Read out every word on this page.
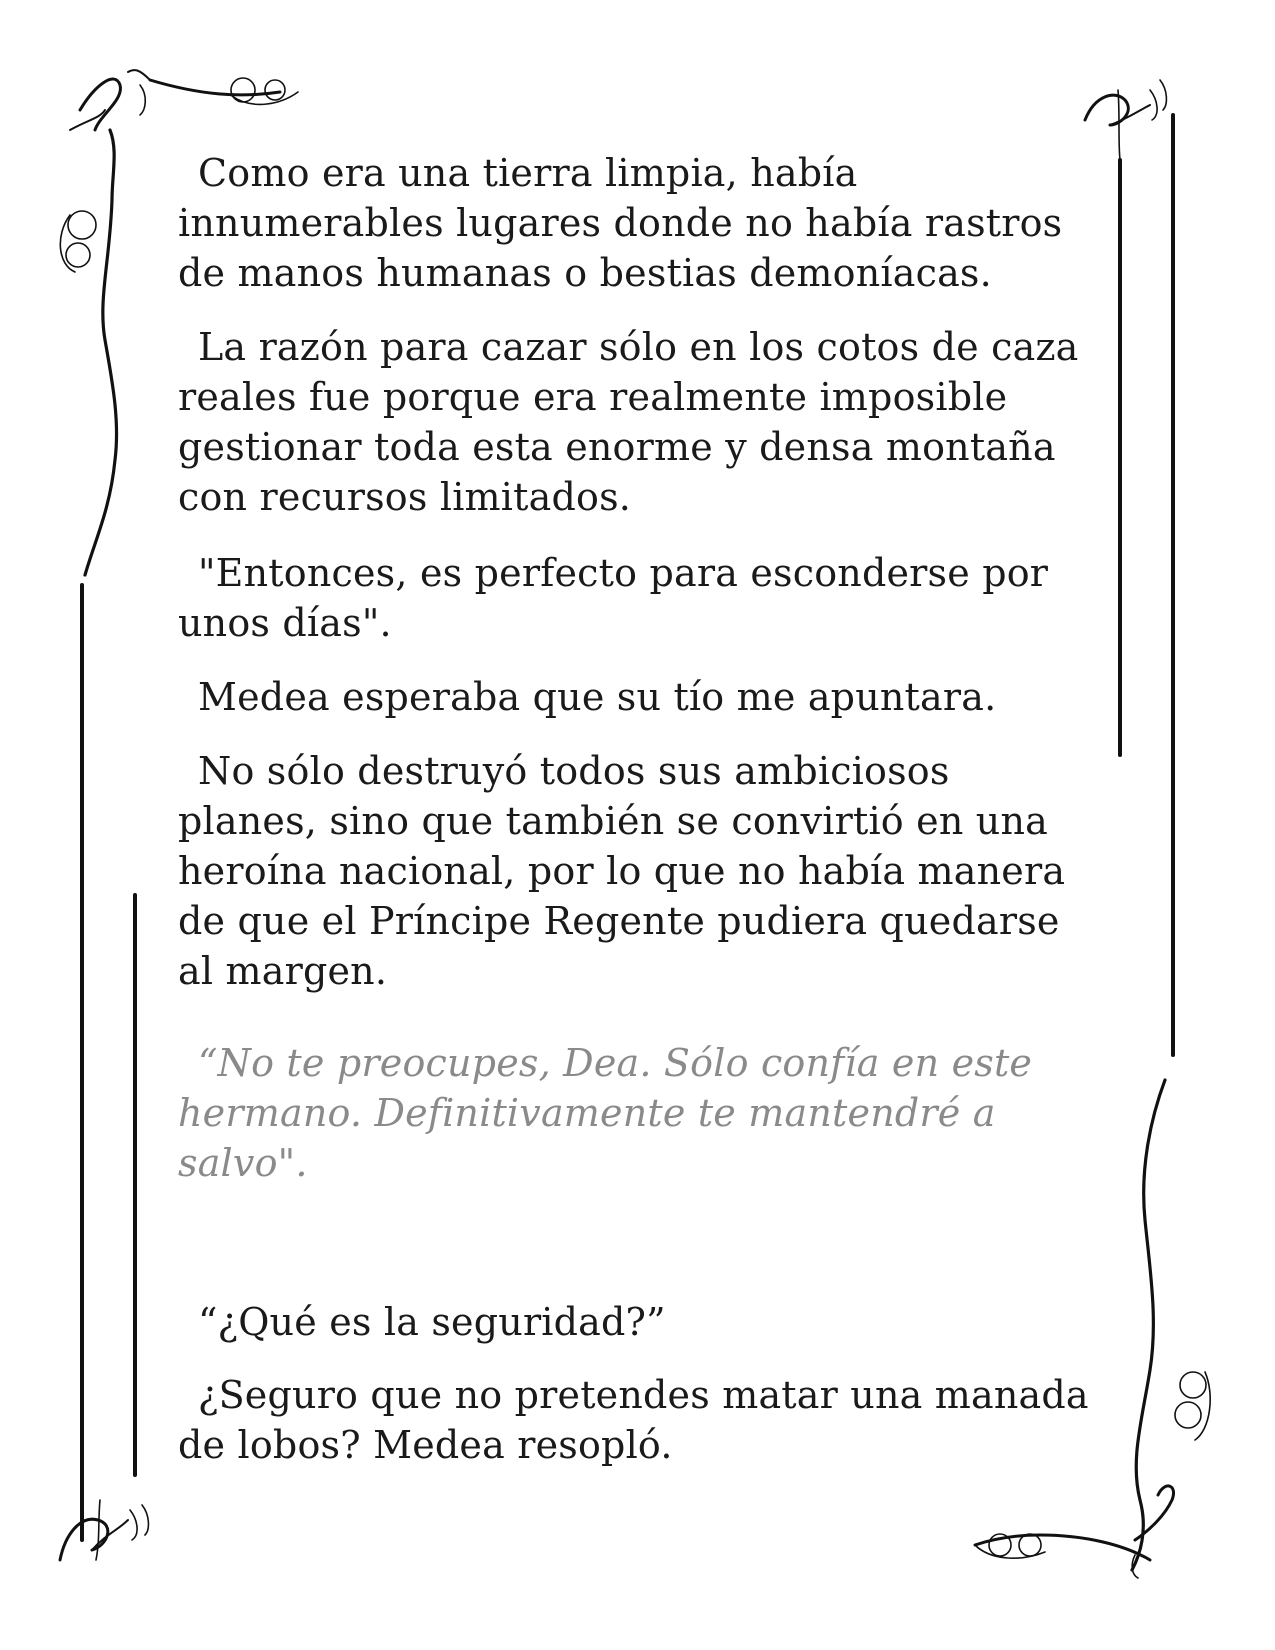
Como era una tierra limpia, había innumerables lugares donde no había rastros de manos humanas o bestias demoníacas.

La razón para cazar sólo en los cotos de caza reales fue porque era realmente imposible gestionar toda esta enorme y densa montaña con recursos limitados.

"Entonces, es perfecto para esconderse por unos días".

Medea esperaba que su tío me apuntara.

No sólo destruyó todos sus ambiciosos planes, sino que también se convirtió en una heroína nacional, por lo que no había manera de que el Príncipe Regente pudiera quedarse al margen.

“No te preocupes, Dea. Sólo confía en este hermano. Definitivamente te mantendré a salvo".

“¿Qué es la seguridad?”

¿Seguro que no pretendes matar una manada de lobos? Medea resopló.
